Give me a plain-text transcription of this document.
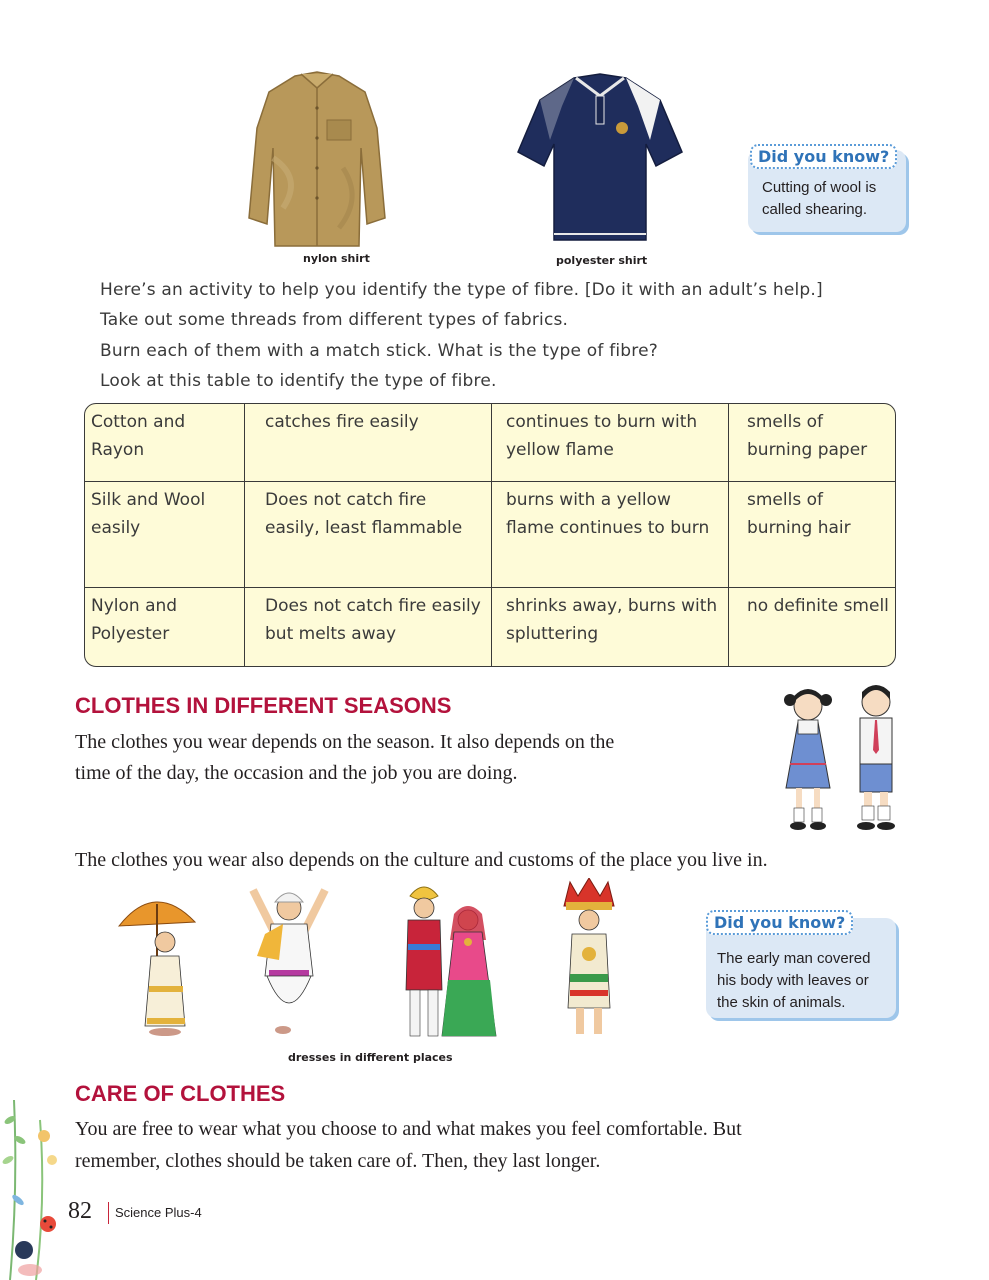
nylon shirt	polyester shirt
Did you know?
Cutting of wool is
called shearing.
Here’s an activity to help you identify the type of fibre. [Do it with an adult’s help.]
Take out some threads from different types of fabrics.
Burn each of them with a match stick. What is the type of fibre?
Look at this table to identify the type of fibre.
Cotton and Rayon	catches fire easily	continues to burn with yellow flame	smells of burning paper
Silk and Wool easily	Does not catch fire easily, least flammable	burns with a yellow flame continues to burn	smells of burning hair
Nylon and Polyester	Does not catch fire easily but melts away	shrinks away, burns with spluttering	no definite smell
CLOTHES IN DIFFERENT SEASONS
The clothes you wear depends on the season. It also depends on the
time of the day, the occasion and the job you are doing.
The clothes you wear also depends on the culture and customs of the place you live in.
dresses in different places
Did you know?
The early man covered
his body with leaves or
the skin of animals.
CARE OF CLOTHES
You are free to wear what you choose to and what makes you feel comfortable. But
remember, clothes should be taken care of. Then, they last longer.
82 Science Plus-4
